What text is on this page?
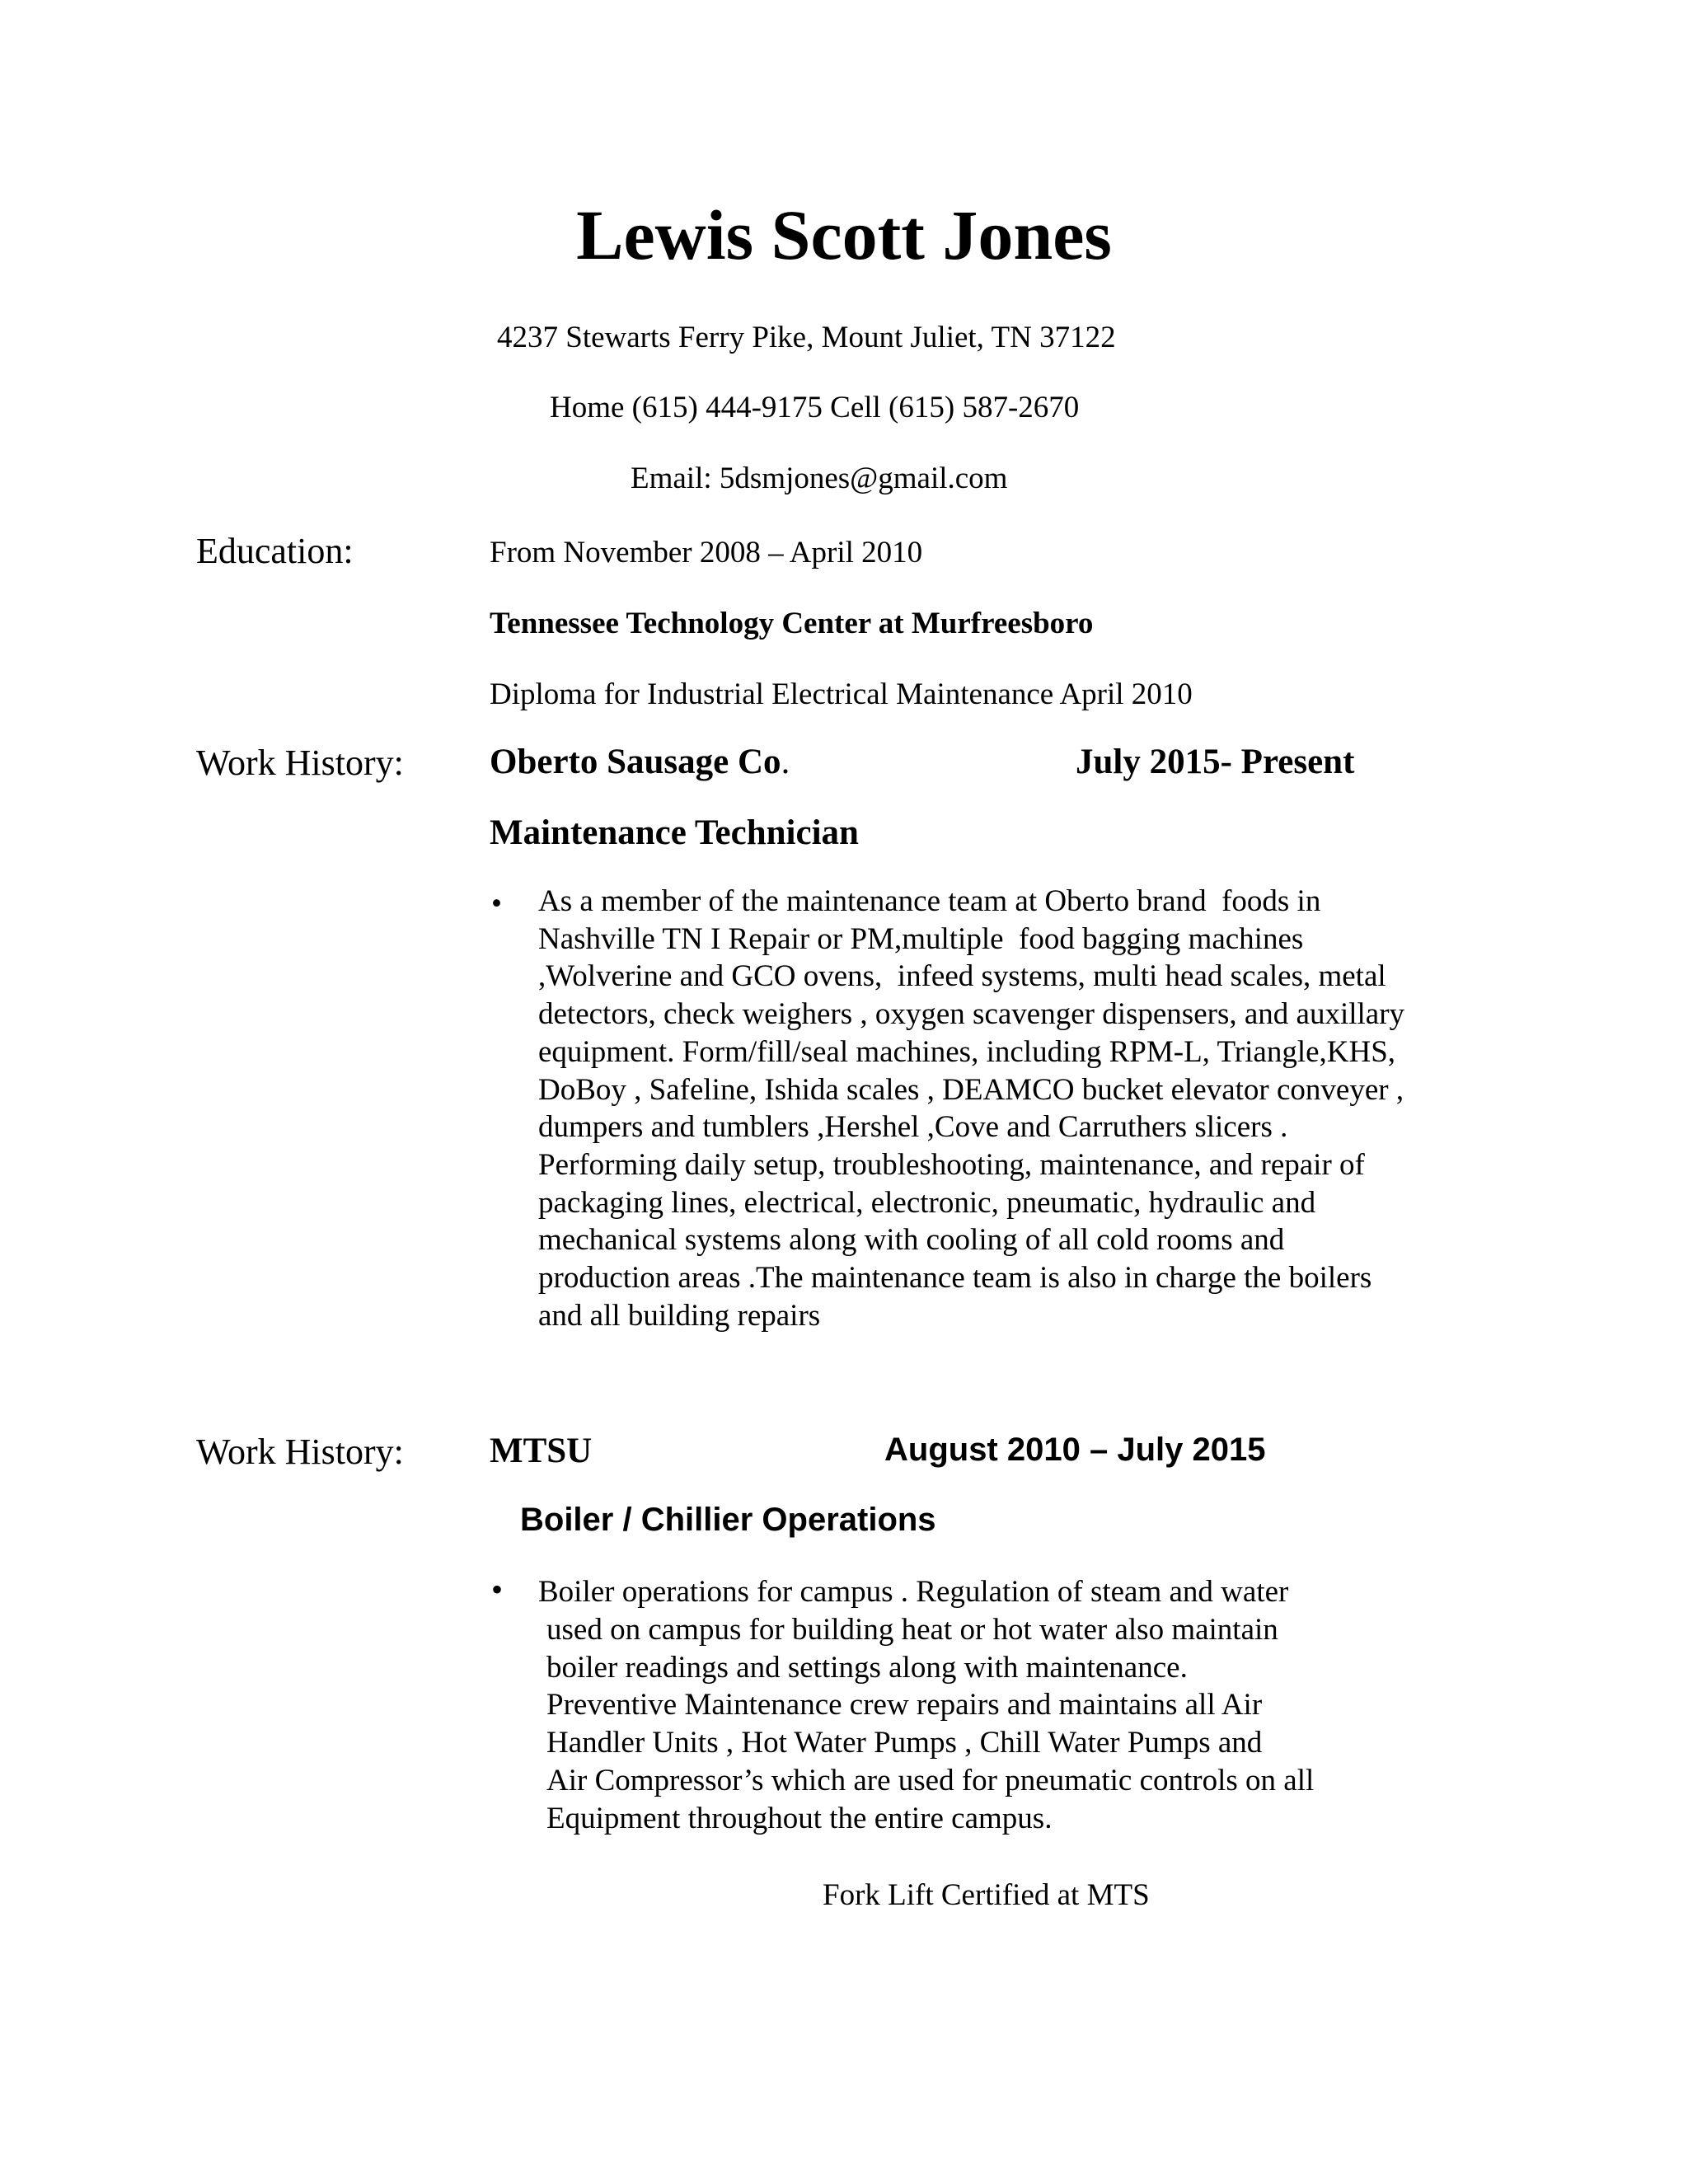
Lewis Scott Jones
4237 Stewarts Ferry Pike, Mount Juliet, TN 37122
Home (615) 444-9175 Cell (615) 587-2670
Email: 5dsmjones@gmail.com
Education:	From November 2008 – April 2010
Tennessee Technology Center at Murfreesboro
Diploma for Industrial Electrical Maintenance April 2010
Work History: Oberto Sausage Co.	July 2015- Present
Maintenance Technician
• As a member of the maintenance team at Oberto brand  foods in
Nashville TN I Repair or PM,multiple  food bagging machines
,Wolverine and GCO ovens,  infeed systems, multi head scales, metal
detectors, check weighers , oxygen scavenger dispensers, and auxillary
equipment. Form/fill/seal machines, including RPM-L, Triangle,KHS,
DoBoy , Safeline, Ishida scales , DEAMCO bucket elevator conveyer ,
dumpers and tumblers ,Hershel ,Cove and Carruthers slicers .
Performing daily setup, troubleshooting, maintenance, and repair of
packaging lines, electrical, electronic, pneumatic, hydraulic and
mechanical systems along with cooling of all cold rooms and
production areas .The maintenance team is also in charge the boilers
and all building repairs
Work History: MTSU	August 2010 – July 2015
Boiler / Chillier Operations
• Boiler operations for campus . Regulation of steam and water
used on campus for building heat or hot water also maintain
boiler readings and settings along with maintenance.
Preventive Maintenance crew repairs and maintains all Air
Handler Units , Hot Water Pumps , Chill Water Pumps and
Air Compressor’s which are used for pneumatic controls on all
Equipment throughout the entire campus.
Fork Lift Certified at MTS
